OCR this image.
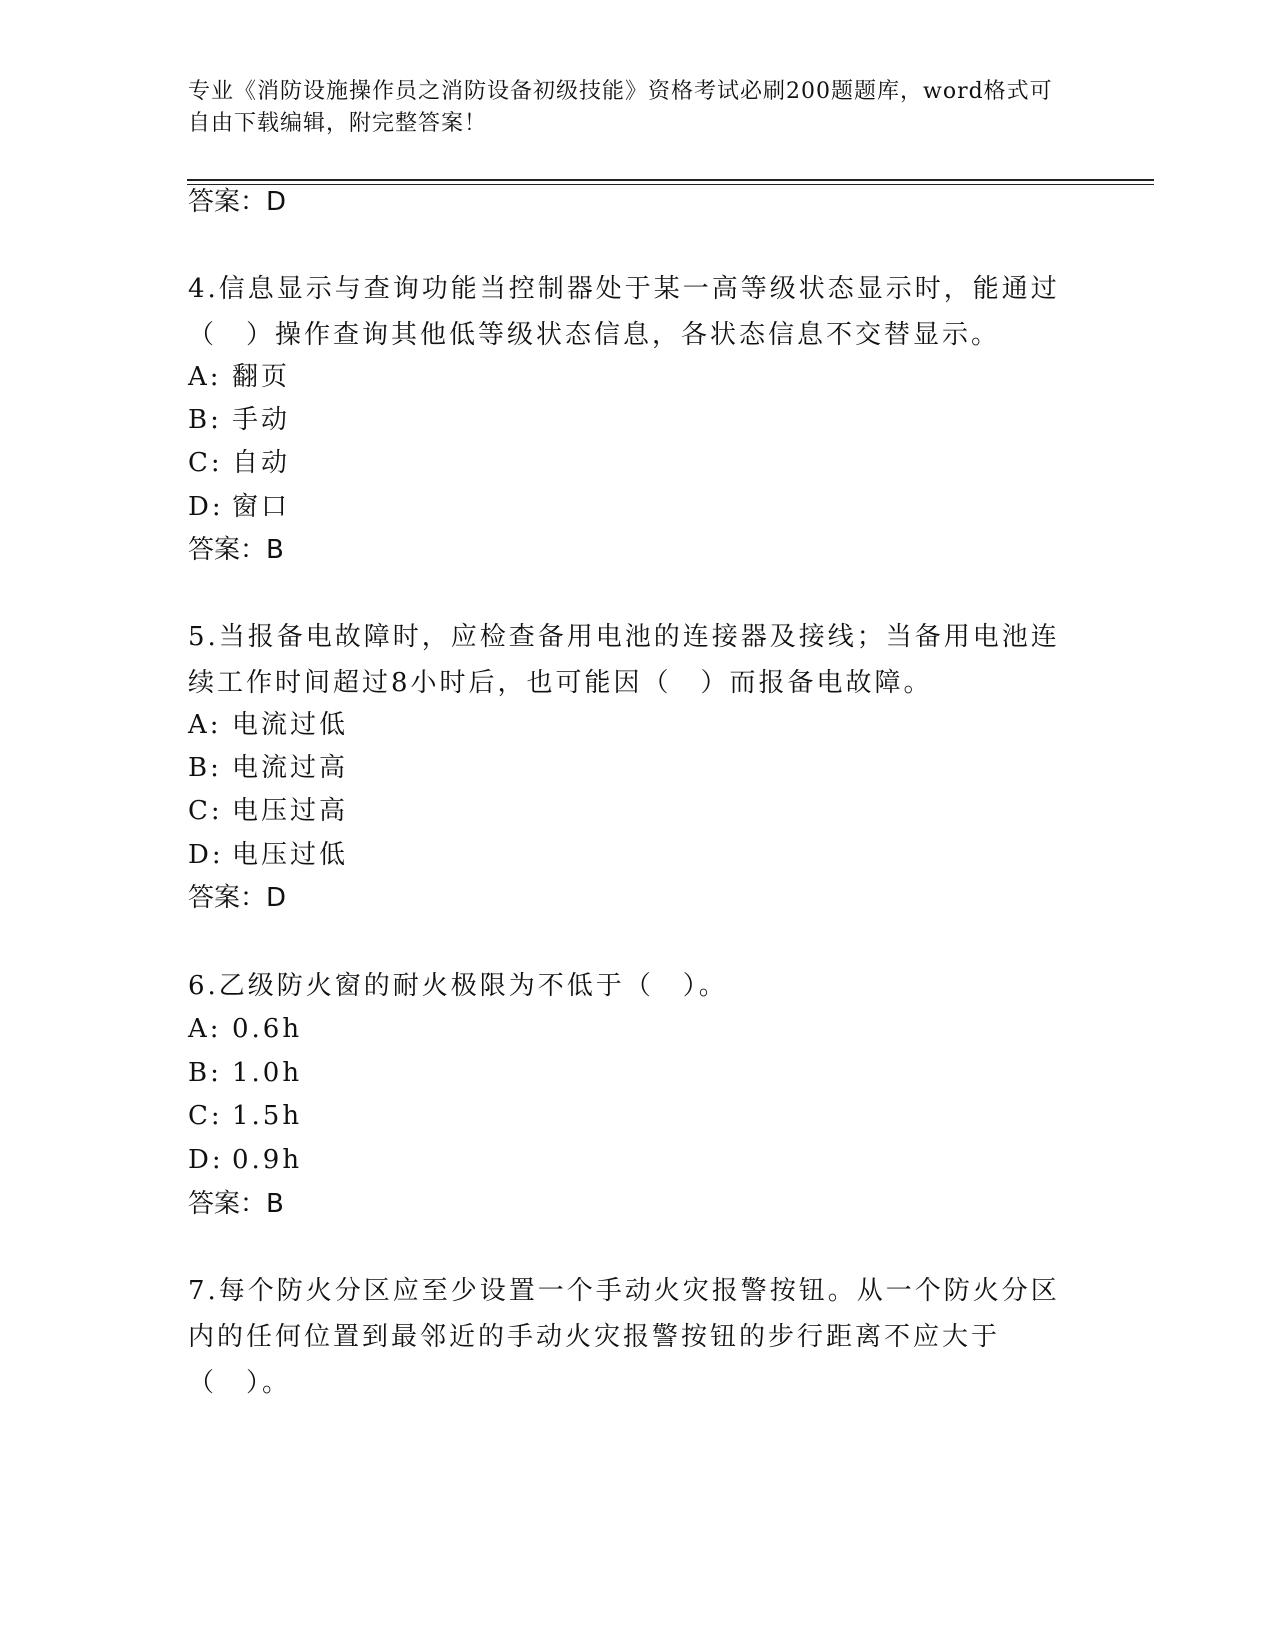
专业《消防设施操作员之消防设备初级技能》资格考试必刷200题题库，word格式可自由下载编辑，附完整答案！
答案：D
4.信息显示与查询功能当控制器处于某一高等级状态显示时，能通过（　）操作查询其他低等级状态信息，各状态信息不交替显示。
A: 翻页
B: 手动
C: 自动
D: 窗口
答案：B
5.当报备电故障时，应检查备用电池的连接器及接线；当备用电池连续工作时间超过8小时后，也可能因（　）而报备电故障。
A: 电流过低
B: 电流过高
C: 电压过高
D: 电压过低
答案：D
6.乙级防火窗的耐火极限为不低于（　）。
A: 0.6h
B: 1.0h
C: 1.5h
D: 0.9h
答案：B
7.每个防火分区应至少设置一个手动火灾报警按钮。从一个防火分区内的任何位置到最邻近的手动火灾报警按钮的步行距离不应大于（　）。
